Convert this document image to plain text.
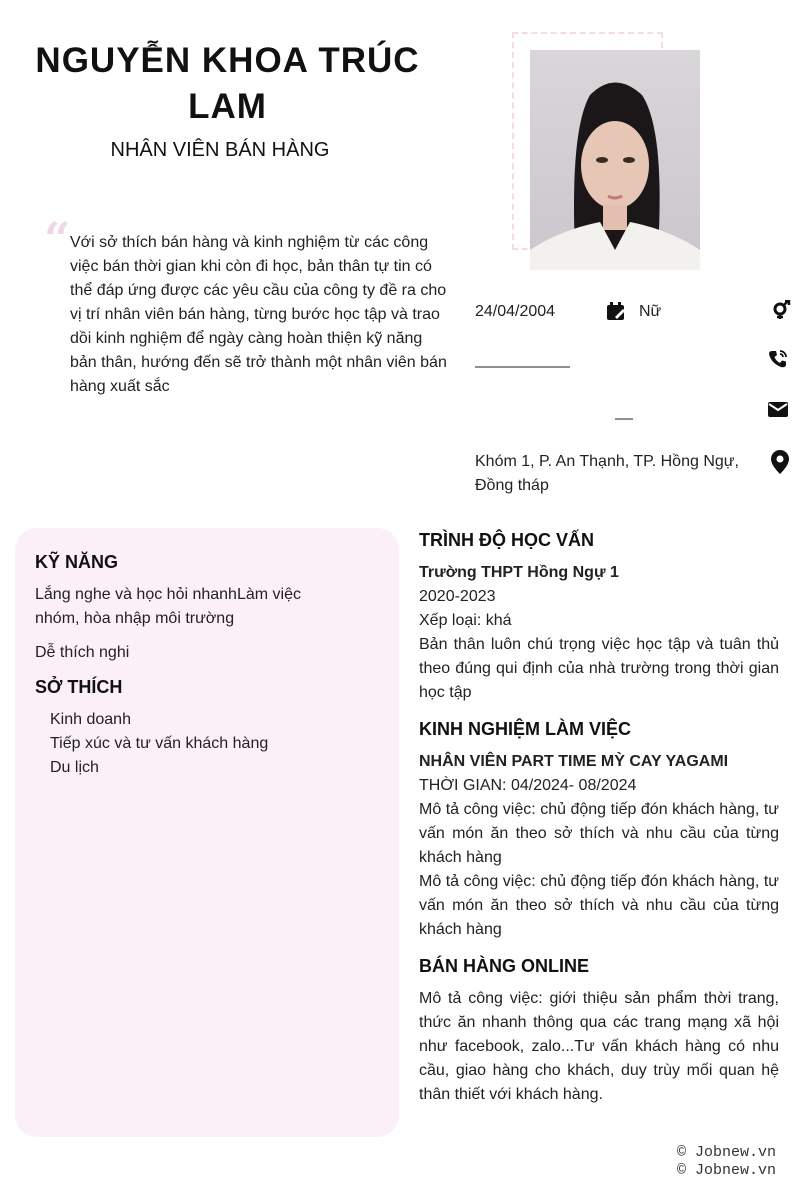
NGUYỄN KHOA TRÚC LAM
NHÂN VIÊN BÁN HÀNG
“ Với sở thích bán hàng và kinh nghiệm từ các công việc bán thời gian khi còn đi học, bản thân tự tin có thể đáp ứng được các yêu cầu của công ty đề ra cho vị trí nhân viên bán hàng, từng bước học tập và trao dồi kinh nghiệm để ngày càng hoàn thiện kỹ năng bản thân, hướng đến sẽ trở thành một nhân viên bán hàng xuất sắc
24/04/2004	Nữ
Khóm 1, P. An Thạnh, TP. Hồng Ngự, Đồng tháp
KỸ NĂNG
Lắng nghe và học hỏi nhanhLàm việc nhóm, hòa nhập môi trường
Dễ thích nghi
SỞ THÍCH
Kinh doanh
Tiếp xúc và tư vấn khách hàng
Du lịch
TRÌNH ĐỘ HỌC VẤN
Trường THPT Hồng Ngự 1
2020-2023
Xếp loại: khá
Bản thân luôn chú trọng việc học tập và tuân thủ theo đúng qui định của nhà trường trong thời gian học tập
KINH NGHIỆM LÀM VIỆC
NHÂN VIÊN PART TIME MỲ CAY YAGAMI
THỜI GIAN: 04/2024- 08/2024
Mô tả công việc: chủ động tiếp đón khách hàng, tư vấn món ăn theo sở thích và nhu cầu của từng khách hàng
Mô tả công việc: chủ động tiếp đón khách hàng, tư vấn món ăn theo sở thích và nhu cầu của từng khách hàng
BÁN HÀNG ONLINE
Mô tả công việc: giới thiệu sản phẩm thời trang, thức ăn nhanh thông qua các trang mạng xã hội như facebook, zalo...Tư vấn khách hàng có nhu cầu, giao hàng cho khách, duy trùy mối quan hệ thân thiết với khách hàng.
© Jobnew.vn
© Jobnew.vn
